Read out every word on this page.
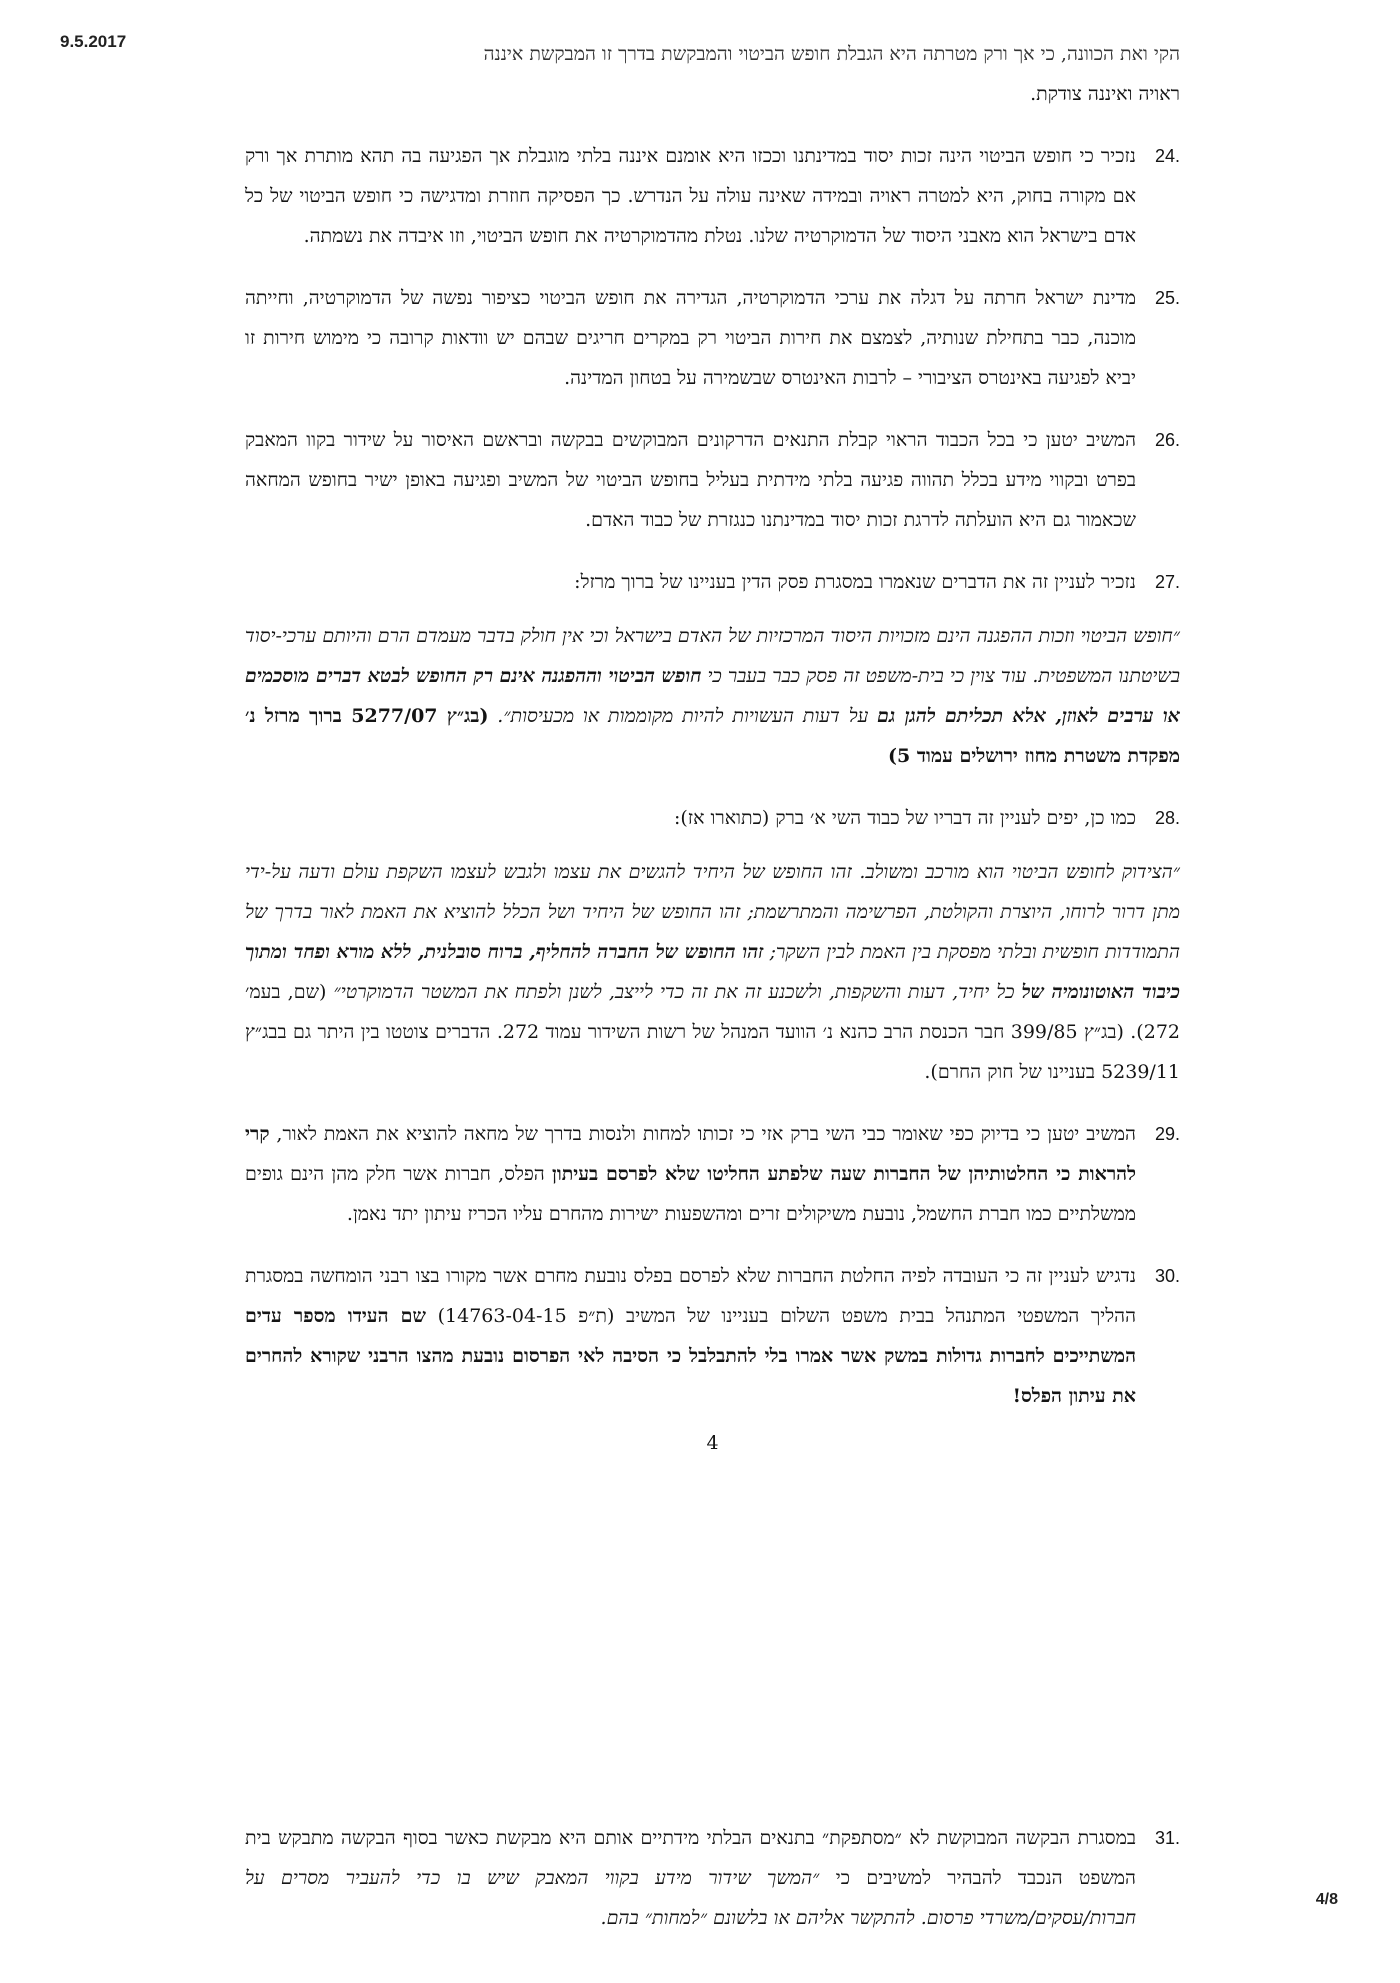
9.5.2017
הקי ואת הכוונה, כי אך ורק מטרתה היא הגבלת חופש הביטוי והמבקשת בדרך זו המבקשת איננה
ראויה ואיננה צודקת.
24.
נזכיר כי חופש הביטוי הינה זכות יסוד במדינתנו וככזו היא אומנם איננה בלתי מוגבלת אך הפגיעה בה תהא מותרת אך ורק אם מקורה בחוק, היא למטרה ראויה ובמידה שאינה עולה על הנדרש. כך הפסיקה חוזרת ומדגישה כי חופש הביטוי של כל אדם בישראל הוא מאבני היסוד של הדמוקרטיה שלנו. נטלת מהדמוקרטיה את חופש הביטוי, וזו איבדה את נשמתה.
25.
מדינת ישראל חרתה על דגלה את ערכי הדמוקרטיה, הגדירה את חופש הביטוי כציפור נפשה של הדמוקרטיה, וחייתה מוכנה, כבר בתחילת שנותיה, לצמצם את חירות הביטוי רק במקרים חריגים שבהם יש וודאות קרובה כי מימוש חירות זו יביא לפגיעה באינטרס הציבורי – לרבות האינטרס שבשמירה על בטחון המדינה.
26.
המשיב יטען כי בכל הכבוד הראוי קבלת התנאים הדרקונים המבוקשים בבקשה ובראשם האיסור על שידור בקוו המאבק בפרט ובקווי מידע בכלל תהווה פגיעה בלתי מידתית בעליל בחופש הביטוי של המשיב ופגיעה באופן ישיר בחופש המחאה שכאמור גם היא הועלתה לדרגת זכות יסוד במדינתנו כנגזרת של כבוד האדם.
27.
נזכיר לעניין זה את הדברים שנאמרו במסגרת פסק הדין בעניינו של ברוך מרזל:
״חופש הביטוי וזכות ההפגנה הינם מזכויות היסוד המרכזיות של האדם בישראל וכי אין חולק בדבר מעמדם הרם והיותם ערכי-יסוד בשיטתנו המשפטית. עוד צוין כי בית-משפט זה פסק כבר בעבר כי חופש הביטוי וההפגנה אינם רק החופש לבטא דברים מוסכמים או ערבים לאוזן, אלא תכליתם להגן גם על דעות העשויות להיות מקוממות או מכעיסות״. (בג״ץ 5277/07 ברוך מרזל נ׳ מפקדת משטרת מחוז ירושלים עמוד 5)
28.
כמו כן, יפים לעניין זה דבריו של כבוד השי א׳ ברק (כתוארו אז):
״הצידוק לחופש הביטוי הוא מורכב ומשולב. זהו החופש של היחיד להגשים את עצמו ולגבש לעצמו השקפת עולם ודעה על-ידי מתן דרור לרוחו, היוצרת והקולטת, הפרשימה והמתרשמת; זהו החופש של היחיד ושל הכלל להוציא את האמת לאור בדרך של התמודדות חופשית ובלתי מפסקת בין האמת לבין השקר; זהו החופש של החברה להחליף, ברוח סובלנית, ללא מורא ופחד ומתוך כיבוד האוטונומיה של כל יחיד, דעות והשקפות, ולשכנע זה את זה כדי לייצב, לשנן ולפתח את המשטר הדמוקרטי״ (שם, בעמ׳ 272). (בג״ץ 399/85 חבר הכנסת הרב כהנא נ׳ הוועד המנהל של רשות השידור עמוד 272. הדברים צוטטו בין היתר גם בבג״ץ 5239/11 בעניינו של חוק החרם).
29.
המשיב יטען כי בדיוק כפי שאומר כבי השי ברק אזי כי זכותו למחות ולנסות בדרך של מחאה להוציא את האמת לאור, קרי להראות כי החלטותיהן של החברות שעה שלפתע החליטו שלא לפרסם בעיתון הפלס, חברות אשר חלק מהן הינם גופים ממשלתיים כמו חברת החשמל, נובעת משיקולים זרים ומהשפעות ישירות מהחרם עליו הכריז עיתון יתד נאמן.
30.
נדגיש לעניין זה כי העובדה לפיה החלטת החברות שלא לפרסם בפלס נובעת מחרם אשר מקורו בצו רבני הומחשה במסגרת ההליך המשפטי המתנהל בבית משפט השלום בעניינו של המשיב (ת״פ 14763-04-15) שם העידו מספר עדים המשתייכים לחברות גדולות במשק אשר אמרו בלי להתבלבל כי הסיבה לאי הפרסום נובעת מהצו הרבני שקורא להחרים את עיתון הפלס!
4
31.
במסגרת הבקשה המבוקשת לא ״מסתפקת״ בתנאים הבלתי מידתיים אותם היא מבקשת כאשר בסוף הבקשה מתבקש בית המשפט הנכבד להבהיר למשיבים כי ״המשך שידור מידע בקווי המאבק שיש בו כדי להעביר מסרים על חברות/עסקים/משרדי פרסום. להתקשר אליהם או בלשונם ״למחות״ בהם.
4/8
